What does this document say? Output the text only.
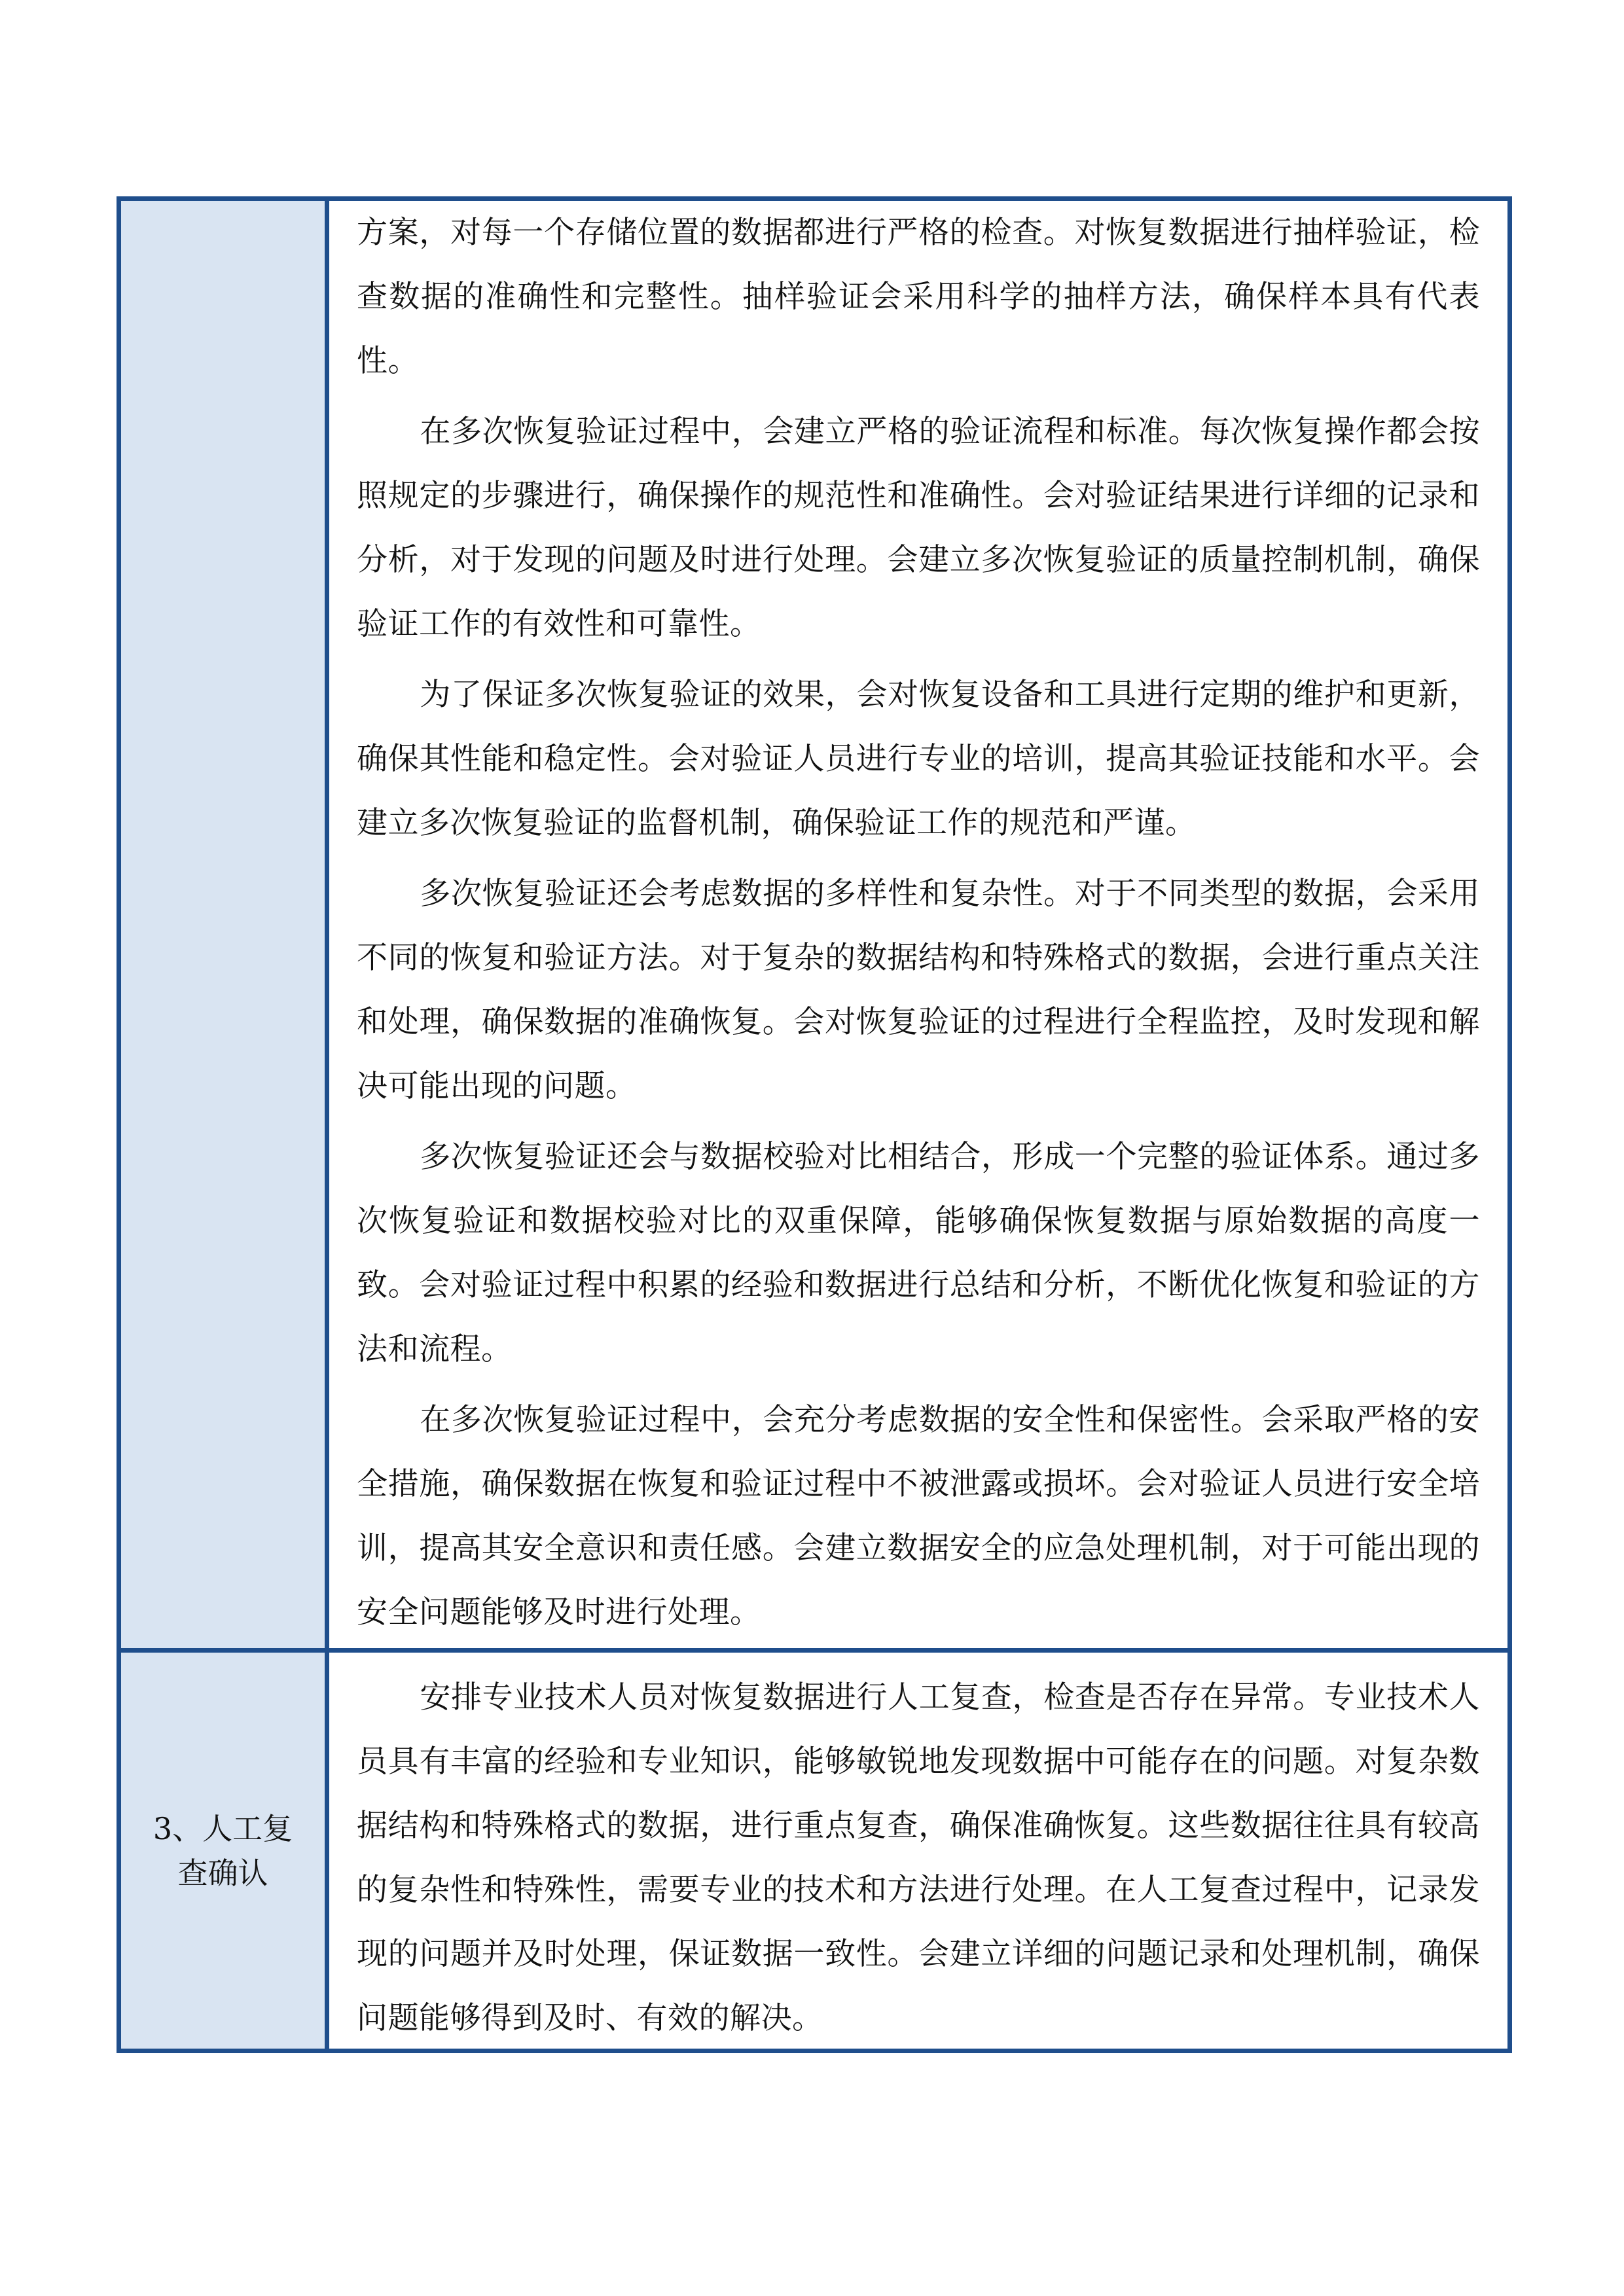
方案，对每一个存储位置的数据都进行严格的检查。对恢复数据进行抽样验证，检查数据的准确性和完整性。抽样验证会采用科学的抽样方法，确保样本具有代表性。

在多次恢复验证过程中，会建立严格的验证流程和标准。每次恢复操作都会按照规定的步骤进行，确保操作的规范性和准确性。会对验证结果进行详细的记录和分析，对于发现的问题及时进行处理。会建立多次恢复验证的质量控制机制，确保验证工作的有效性和可靠性。

为了保证多次恢复验证的效果，会对恢复设备和工具进行定期的维护和更新，确保其性能和稳定性。会对验证人员进行专业的培训，提高其验证技能和水平。会建立多次恢复验证的监督机制，确保验证工作的规范和严谨。

多次恢复验证还会考虑数据的多样性和复杂性。对于不同类型的数据，会采用不同的恢复和验证方法。对于复杂的数据结构和特殊格式的数据，会进行重点关注和处理，确保数据的准确恢复。会对恢复验证的过程进行全程监控，及时发现和解决可能出现的问题。

多次恢复验证还会与数据校验对比相结合，形成一个完整的验证体系。通过多次恢复验证和数据校验对比的双重保障，能够确保恢复数据与原始数据的高度一致。会对验证过程中积累的经验和数据进行总结和分析，不断优化恢复和验证的方法和流程。

在多次恢复验证过程中，会充分考虑数据的安全性和保密性。会采取严格的安全措施，确保数据在恢复和验证过程中不被泄露或损坏。会对验证人员进行安全培训，提高其安全意识和责任感。会建立数据安全的应急处理机制，对于可能出现的安全问题能够及时进行处理。

3、人工复查确认

安排专业技术人员对恢复数据进行人工复查，检查是否存在异常。专业技术人员具有丰富的经验和专业知识，能够敏锐地发现数据中可能存在的问题。对复杂数据结构和特殊格式的数据，进行重点复查，确保准确恢复。这些数据往往具有较高的复杂性和特殊性，需要专业的技术和方法进行处理。在人工复查过程中，记录发现的问题并及时处理，保证数据一致性。会建立详细的问题记录和处理机制，确保问题能够得到及时、有效的解决。
